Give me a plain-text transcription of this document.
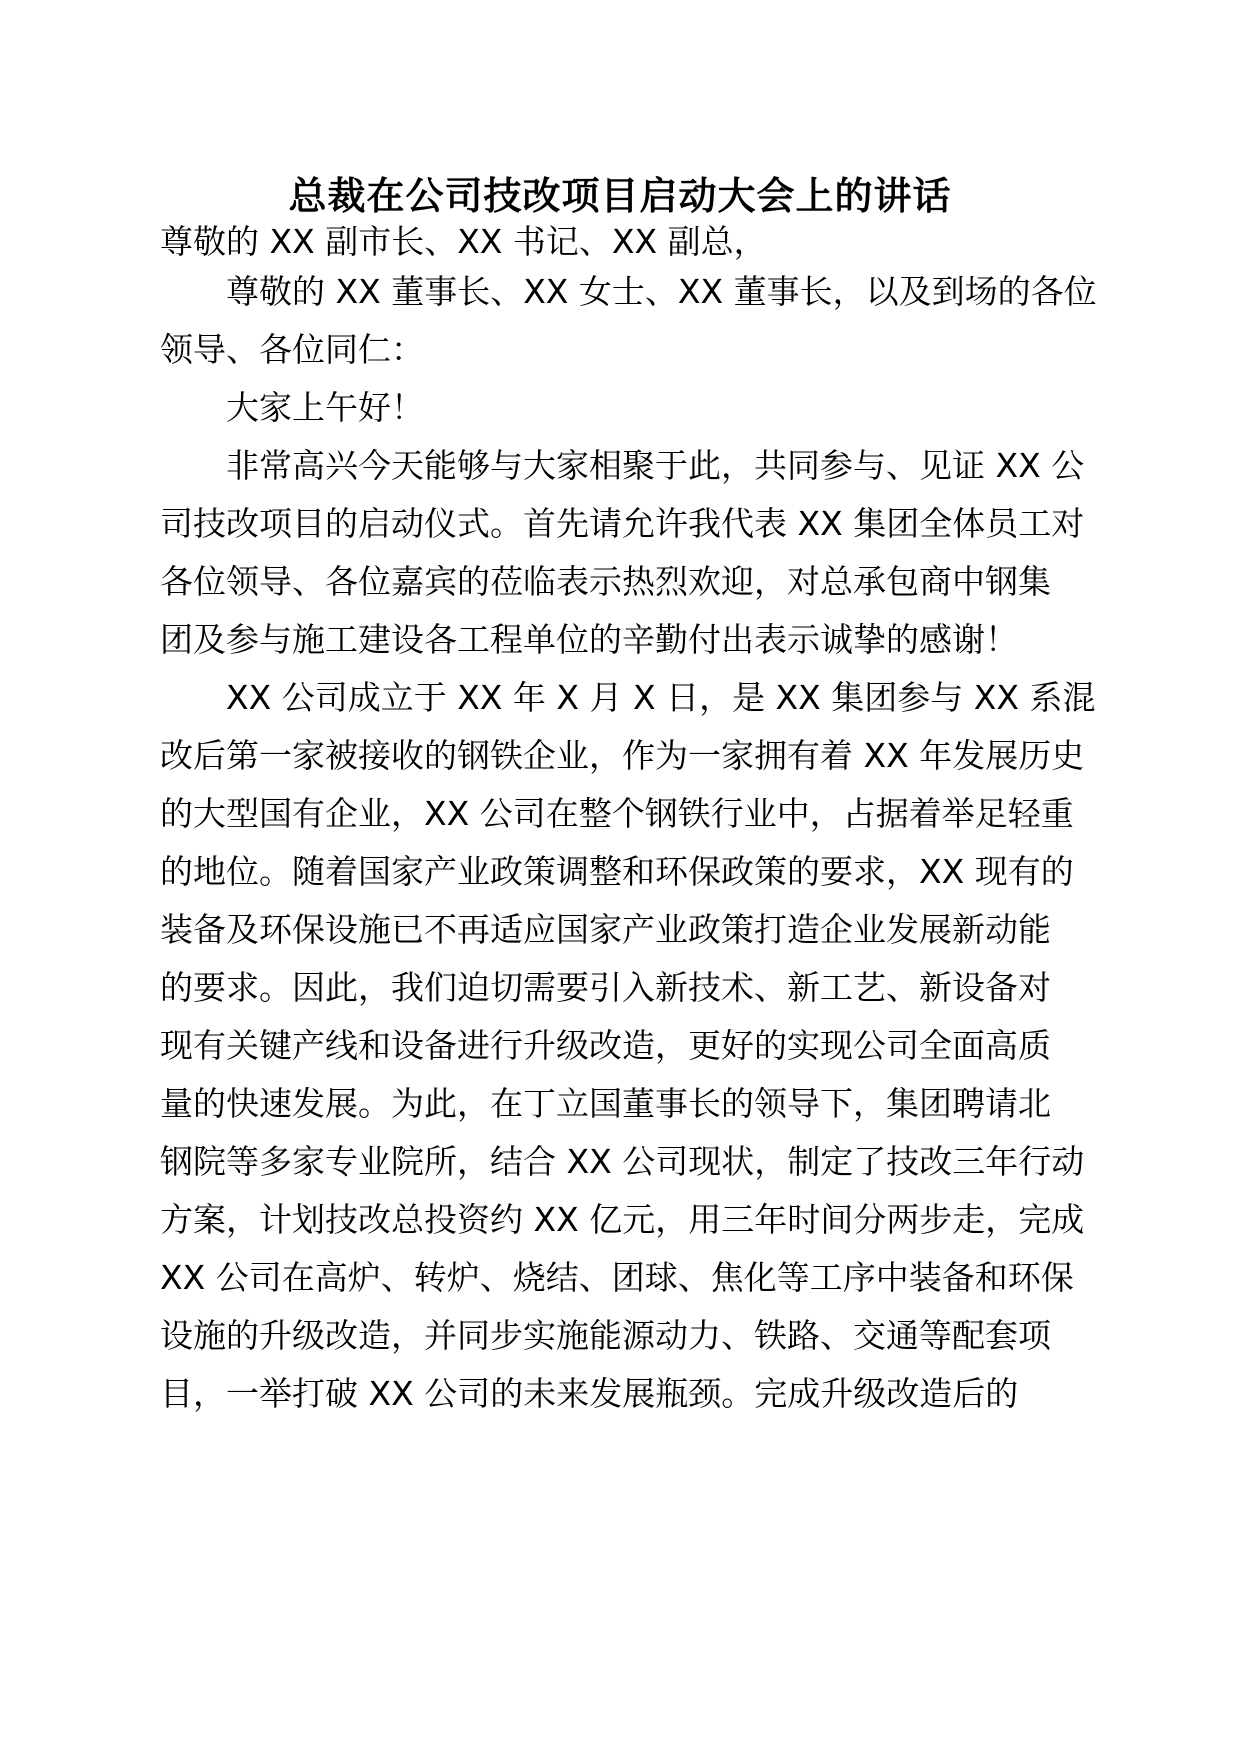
总裁在公司技改项目启动大会上的讲话
尊敬的 XX 副市长、XX 书记、XX 副总，
尊敬的 XX 董事长、XX 女士、XX 董事长，以及到场的各位
领导、各位同仁：
大家上午好！
非常高兴今天能够与大家相聚于此，共同参与、见证 XX 公
司技改项目的启动仪式。首先请允许我代表 XX 集团全体员工对
各位领导、各位嘉宾的莅临表示热烈欢迎，对总承包商中钢集
团及参与施工建设各工程单位的辛勤付出表示诚挚的感谢！
XX 公司成立于 XX 年 X 月 X 日，是 XX 集团参与 XX 系混
改后第一家被接收的钢铁企业，作为一家拥有着 XX 年发展历史
的大型国有企业，XX 公司在整个钢铁行业中，占据着举足轻重
的地位。随着国家产业政策调整和环保政策的要求，XX 现有的
装备及环保设施已不再适应国家产业政策打造企业发展新动能
的要求。因此，我们迫切需要引入新技术、新工艺、新设备对
现有关键产线和设备进行升级改造，更好的实现公司全面高质
量的快速发展。为此，在丁立国董事长的领导下，集团聘请北
钢院等多家专业院所，结合 XX 公司现状，制定了技改三年行动
方案，计划技改总投资约 XX 亿元，用三年时间分两步走，完成
XX 公司在高炉、转炉、烧结、团球、焦化等工序中装备和环保
设施的升级改造，并同步实施能源动力、铁路、交通等配套项
目，一举打破 XX 公司的未来发展瓶颈。完成升级改造后的
